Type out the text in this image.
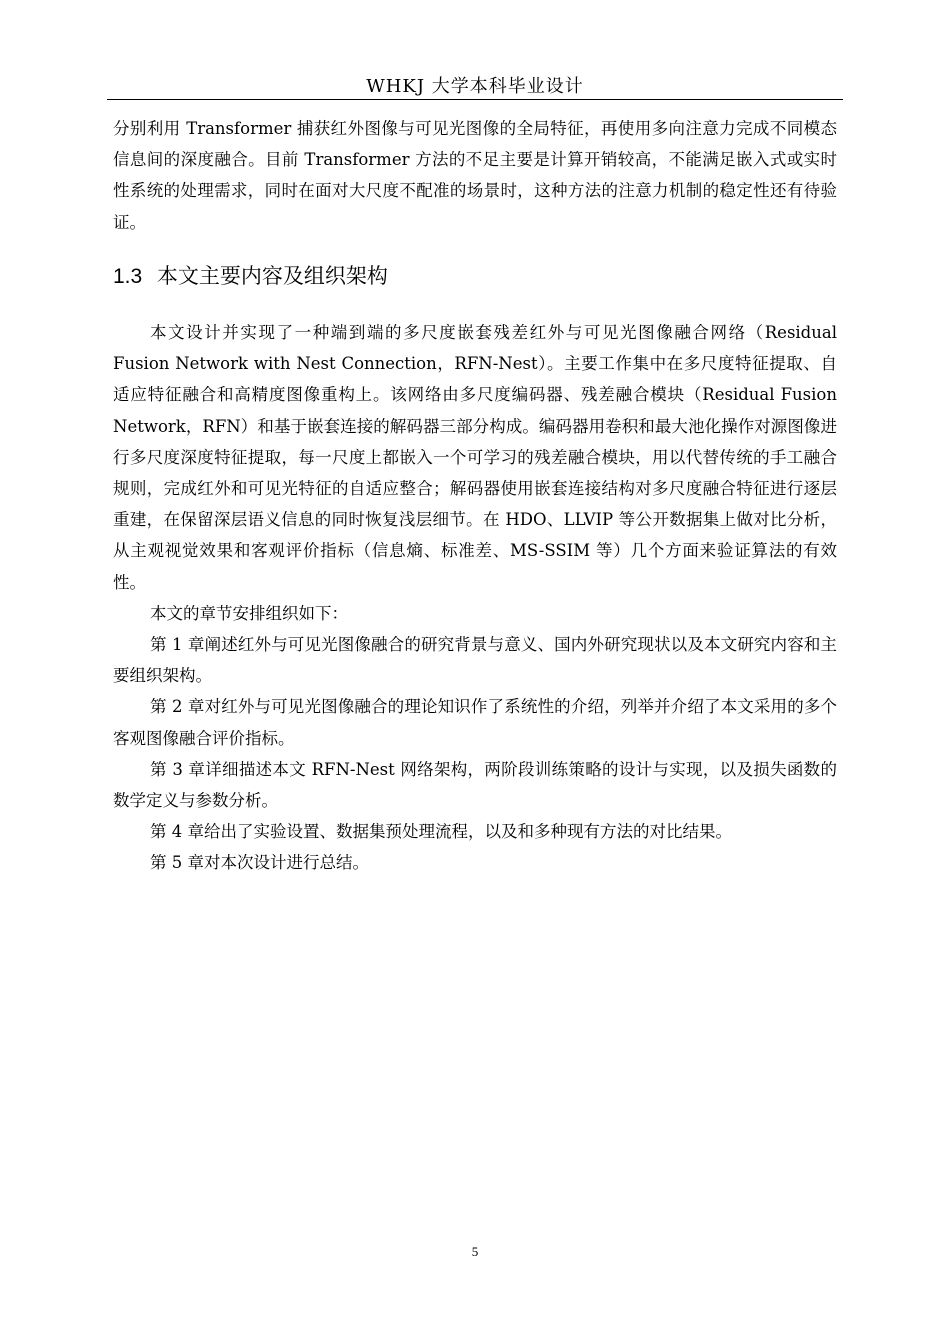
WHKJ 大学本科毕业设计

分别利用 Transformer 捕获红外图像与可见光图像的全局特征，再使用多向注意力完成不同模态信息间的深度融合。目前 Transformer 方法的不足主要是计算开销较高，不能满足嵌入式或实时性系统的处理需求，同时在面对大尺度不配准的场景时，这种方法的注意力机制的稳定性还有待验证。

1.3 本文主要内容及组织架构

本文设计并实现了一种端到端的多尺度嵌套残差红外与可见光图像融合网络（Residual Fusion Network with Nest Connection，RFN-Nest）。主要工作集中在多尺度特征提取、自适应特征融合和高精度图像重构上。该网络由多尺度编码器、残差融合模块（Residual Fusion Network，RFN）和基于嵌套连接的解码器三部分构成。编码器用卷积和最大池化操作对源图像进行多尺度深度特征提取，每一尺度上都嵌入一个可学习的残差融合模块，用以代替传统的手工融合规则，完成红外和可见光特征的自适应整合；解码器使用嵌套连接结构对多尺度融合特征进行逐层重建，在保留深层语义信息的同时恢复浅层细节。在 HDO、LLVIP 等公开数据集上做对比分析，从主观视觉效果和客观评价指标（信息熵、标准差、MS-SSIM 等）几个方面来验证算法的有效性。

本文的章节安排组织如下：

第 1 章阐述红外与可见光图像融合的研究背景与意义、国内外研究现状以及本文研究内容和主要组织架构。

第 2 章对红外与可见光图像融合的理论知识作了系统性的介绍，列举并介绍了本文采用的多个客观图像融合评价指标。

第 3 章详细描述本文 RFN-Nest 网络架构，两阶段训练策略的设计与实现，以及损失函数的数学定义与参数分析。

第 4 章给出了实验设置、数据集预处理流程，以及和多种现有方法的对比结果。

第 5 章对本次设计进行总结。

5
